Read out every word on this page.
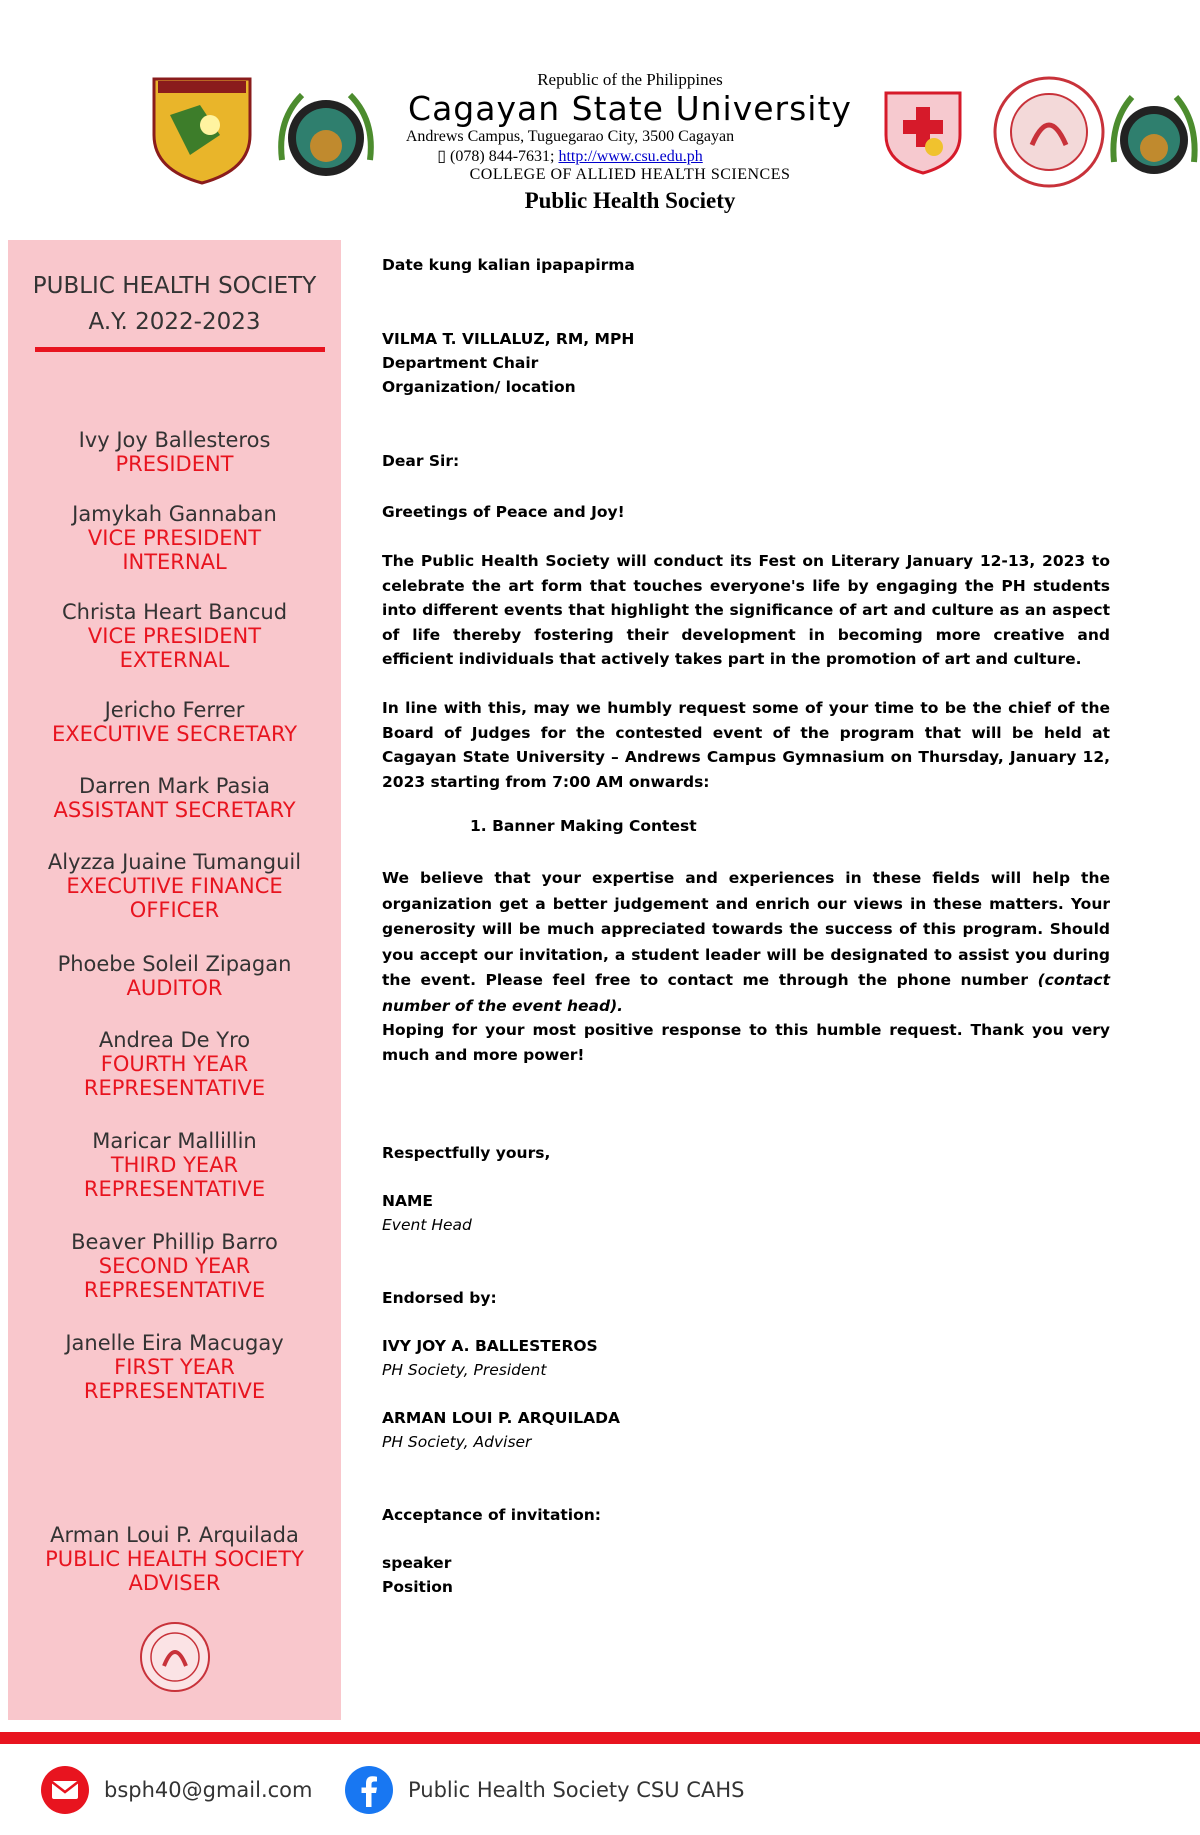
Republic of the Philippines
Cagayan State University
Andrews Campus, Tuguegarao City, 3500 Cagayan
▯ (078) 844-7631; http://www.csu.edu.ph
COLLEGE OF ALLIED HEALTH SCIENCES
Public Health Society
PUBLIC HEALTH SOCIETY
A.Y. 2022-2023
Ivy Joy Ballesteros
PRESIDENT
Jamykah Gannaban
VICE PRESIDENT INTERNAL
Christa Heart Bancud
VICE PRESIDENT EXTERNAL
Jericho Ferrer
EXECUTIVE SECRETARY
Darren Mark Pasia
ASSISTANT SECRETARY
Alyzza Juaine Tumanguil
EXECUTIVE FINANCE OFFICER
Phoebe Soleil Zipagan
AUDITOR
Andrea De Yro
FOURTH YEAR REPRESENTATIVE
Maricar Mallillin
THIRD YEAR REPRESENTATIVE
Beaver Phillip Barro
SECOND YEAR REPRESENTATIVE
Janelle Eira Macugay
FIRST YEAR REPRESENTATIVE
Arman Loui P. Arquilada
PUBLIC HEALTH SOCIETY ADVISER
Date kung kalian ipapapirma
VILMA T. VILLALUZ, RM, MPH
Department Chair
Organization/ location
Dear Sir:
Greetings of Peace and Joy!
The Public Health Society will conduct its Fest on Literary January 12-13, 2023 to celebrate the art form that touches everyone's life by engaging the PH students into different events that highlight the significance of art and culture as an aspect of life thereby fostering their development in becoming more creative and efficient individuals that actively takes part in the promotion of art and culture.
In line with this, may we humbly request some of your time to be the chief of the Board of Judges for the contested event of the program that will be held at Cagayan State University – Andrews Campus Gymnasium on Thursday, January 12, 2023 starting from 7:00 AM onwards:
1. Banner Making Contest
We believe that your expertise and experiences in these fields will help the organization get a better judgement and enrich our views in these matters. Your generosity will be much appreciated towards the success of this program. Should you accept our invitation, a student leader will be designated to assist you during the event. Please feel free to contact me through the phone number (contact number of the event head).
Hoping for your most positive response to this humble request. Thank you very much and more power!
Respectfully yours,
NAME
Event Head
Endorsed by:
IVY JOY A. BALLESTEROS
PH Society, President
ARMAN LOUI P. ARQUILADA
PH Society, Adviser
Acceptance of invitation:
speaker
Position
bsph40@gmail.com	Public Health Society CSU CAHS
